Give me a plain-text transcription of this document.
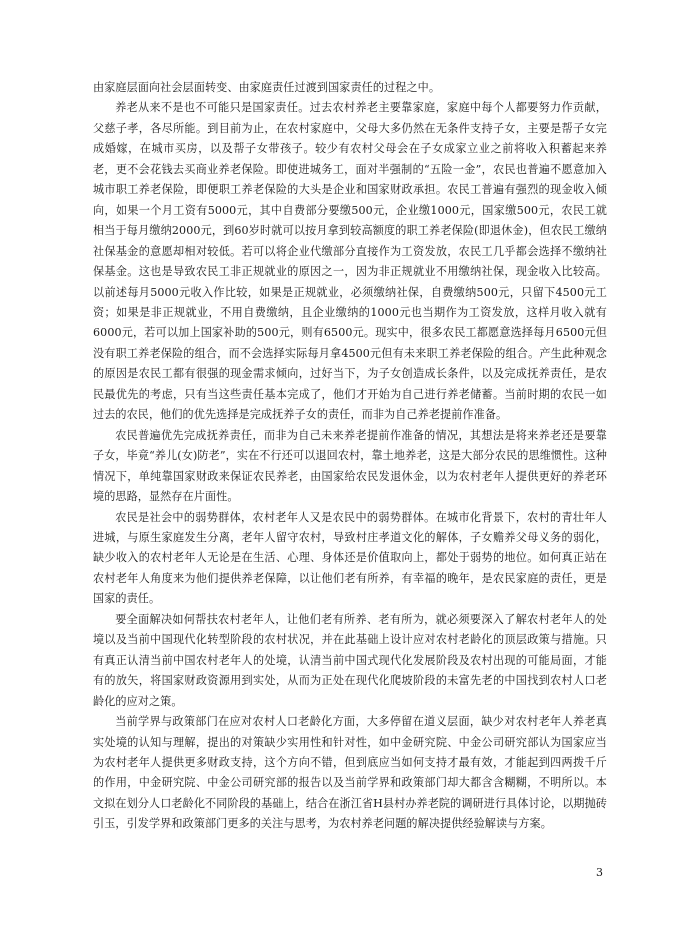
由家庭层面向社会层面转变、由家庭责任过渡到国家责任的过程之中。

养老从来不是也不可能只是国家责任。过去农村养老主要靠家庭，家庭中每个人都要努力作贡献，父慈子孝，各尽所能。到目前为止，在农村家庭中，父母大多仍然在无条件支持子女，主要是帮子女完成婚嫁，在城市买房，以及帮子女带孩子。较少有农村父母会在子女成家立业之前将收入积蓄起来养老，更不会花钱去买商业养老保险。即使进城务工，面对半强制的“五险一金”，农民也普遍不愿意加入城市职工养老保险，即便职工养老保险的大头是企业和国家财政承担。农民工普遍有强烈的现金收入倾向，如果一个月工资有5000元，其中自费部分要缴500元，企业缴1000元，国家缴500元，农民工就相当于每月缴纳2000元，到60岁时就可以按月拿到较高额度的职工养老保险(即退休金)，但农民工缴纳社保基金的意愿却相对较低。若可以将企业代缴部分直接作为工资发放，农民工几乎都会选择不缴纳社保基金。这也是导致农民工非正规就业的原因之一，因为非正规就业不用缴纳社保，现金收入比较高。以前述每月5000元收入作比较，如果是正规就业，必须缴纳社保，自费缴纳500元，只留下4500元工资；如果是非正规就业，不用自费缴纳，且企业缴纳的1000元也当期作为工资发放，这样月收入就有6000元，若可以加上国家补助的500元，则有6500元。现实中，很多农民工都愿意选择每月6500元但没有职工养老保险的组合，而不会选择实际每月拿4500元但有未来职工养老保险的组合。产生此种观念的原因是农民工都有很强的现金需求倾向，过好当下，为子女创造成长条件，以及完成抚养责任，是农民最优先的考虑，只有当这些责任基本完成了，他们才开始为自己进行养老储蓄。当前时期的农民一如过去的农民，他们的优先选择是完成抚养子女的责任，而非为自己养老提前作准备。

农民普遍优先完成抚养责任，而非为自己未来养老提前作准备的情况，其想法是将来养老还是要靠子女，毕竟“养儿(女)防老”，实在不行还可以退回农村，靠土地养老，这是大部分农民的思维惯性。这种情况下，单纯靠国家财政来保证农民养老，由国家给农民发退休金，以为农村老年人提供更好的养老环境的思路，显然存在片面性。

农民是社会中的弱势群体，农村老年人又是农民中的弱势群体。在城市化背景下，农村的青壮年人进城，与原生家庭发生分离，老年人留守农村，导致村庄孝道文化的解体，子女赡养父母义务的弱化，缺少收入的农村老年人无论是在生活、心理、身体还是价值取向上，都处于弱势的地位。如何真正站在农村老年人角度来为他们提供养老保障，以让他们老有所养，有幸福的晚年，是农民家庭的责任，更是国家的责任。

要全面解决如何帮扶农村老年人，让他们老有所养、老有所为，就必须要深入了解农村老年人的处境以及当前中国现代化转型阶段的农村状况，并在此基础上设计应对农村老龄化的顶层政策与措施。只有真正认清当前中国农村老年人的处境，认清当前中国式现代化发展阶段及农村出现的可能局面，才能有的放矢，将国家财政资源用到实处，从而为正处在现代化爬坡阶段的未富先老的中国找到农村人口老龄化的应对之策。

当前学界与政策部门在应对农村人口老龄化方面，大多停留在道义层面，缺少对农村老年人养老真实处境的认知与理解，提出的对策缺少实用性和针对性，如中金研究院、中金公司研究部认为国家应当为农村老年人提供更多财政支持，这个方向不错，但到底应当如何支持才最有效，才能起到四两拨千斤的作用，中金研究院、中金公司研究部的报告以及当前学界和政策部门却大都含含糊糊，不明所以。本文拟在划分人口老龄化不同阶段的基础上，结合在浙江省H县村办养老院的调研进行具体讨论，以期抛砖引玉，引发学界和政策部门更多的关注与思考，为农村养老问题的解决提供经验解读与方案。

3
